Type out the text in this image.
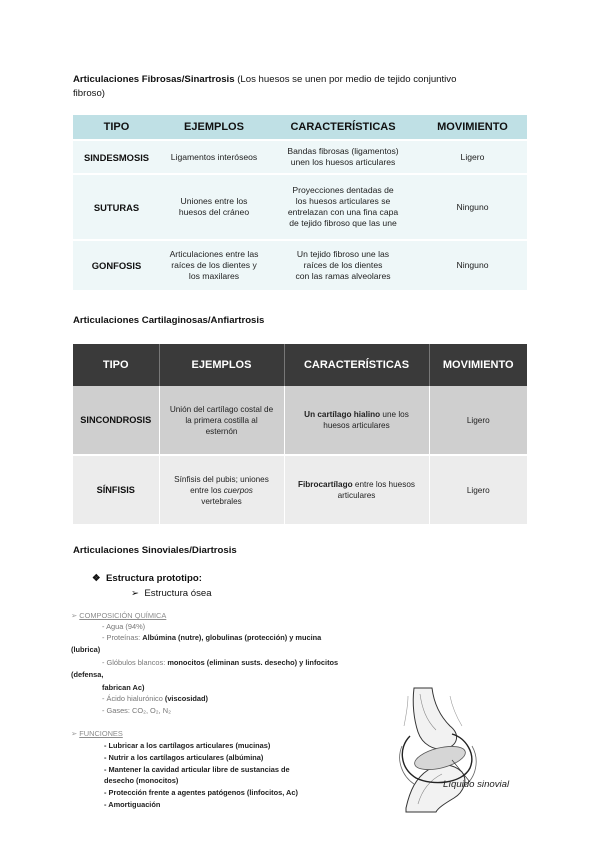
Articulaciones Fibrosas/Sinartrosis (Los huesos se unen por medio de tejido conjuntivo
fibroso)
TIPO	EJEMPLOS	CARACTERÍSTICAS	MOVIMIENTO
SINDESMOSIS	Ligamentos interóseos	Bandas fibrosas (ligamentos)
unen los huesos articulares	Ligero
SUTURAS	Uniones entre los
huesos del cráneo	Proyecciones dentadas de
los huesos articulares se
entrelazan con una fina capa
de tejido fibroso que las une	Ninguno
GONFOSIS	Articulaciones entre las
raíces de los dientes y
los maxilares	Un tejido fibroso une las
raíces de los dientes
con las ramas alveolares	Ninguno
Articulaciones Cartilaginosas/Anfiartrosis
TIPO	EJEMPLOS	CARACTERÍSTICAS	MOVIMIENTO
SINCONDROSIS	Unión del cartílago costal de
la primera costilla al
esternón	Un cartílago hialino une los
huesos articulares	Ligero
SÍNFISIS	Sínfisis del pubis; uniones
entre los cuerpos
vertebrales	Fibrocartílago entre los huesos
articulares	Ligero
Articulaciones Sinoviales/Diartrosis
❖ Estructura prototipo:
➢ Estructura ósea
➢ COMPOSICIÓN QUÍMICA
- Agua (94%)
- Proteínas: Albúmina (nutre), globulinas (protección) y mucina
(lubrica)
- Glóbulos blancos: monocitos (eliminan susts. desecho) y linfocitos
(defensa,
fabrican Ac)
- Ácido hialurónico (viscosidad)
- Gases: CO₂, O₂, N₂
➢ FUNCIONES
- Lubricar a los cartílagos articulares (mucinas)
- Nutrir a los cartílagos articulares (albúmina)
- Mantener la cavidad articular libre de sustancias de
desecho (monocitos)
- Protección frente a agentes patógenos (linfocitos, Ac)
- Amortiguación
Líquido sinovial
